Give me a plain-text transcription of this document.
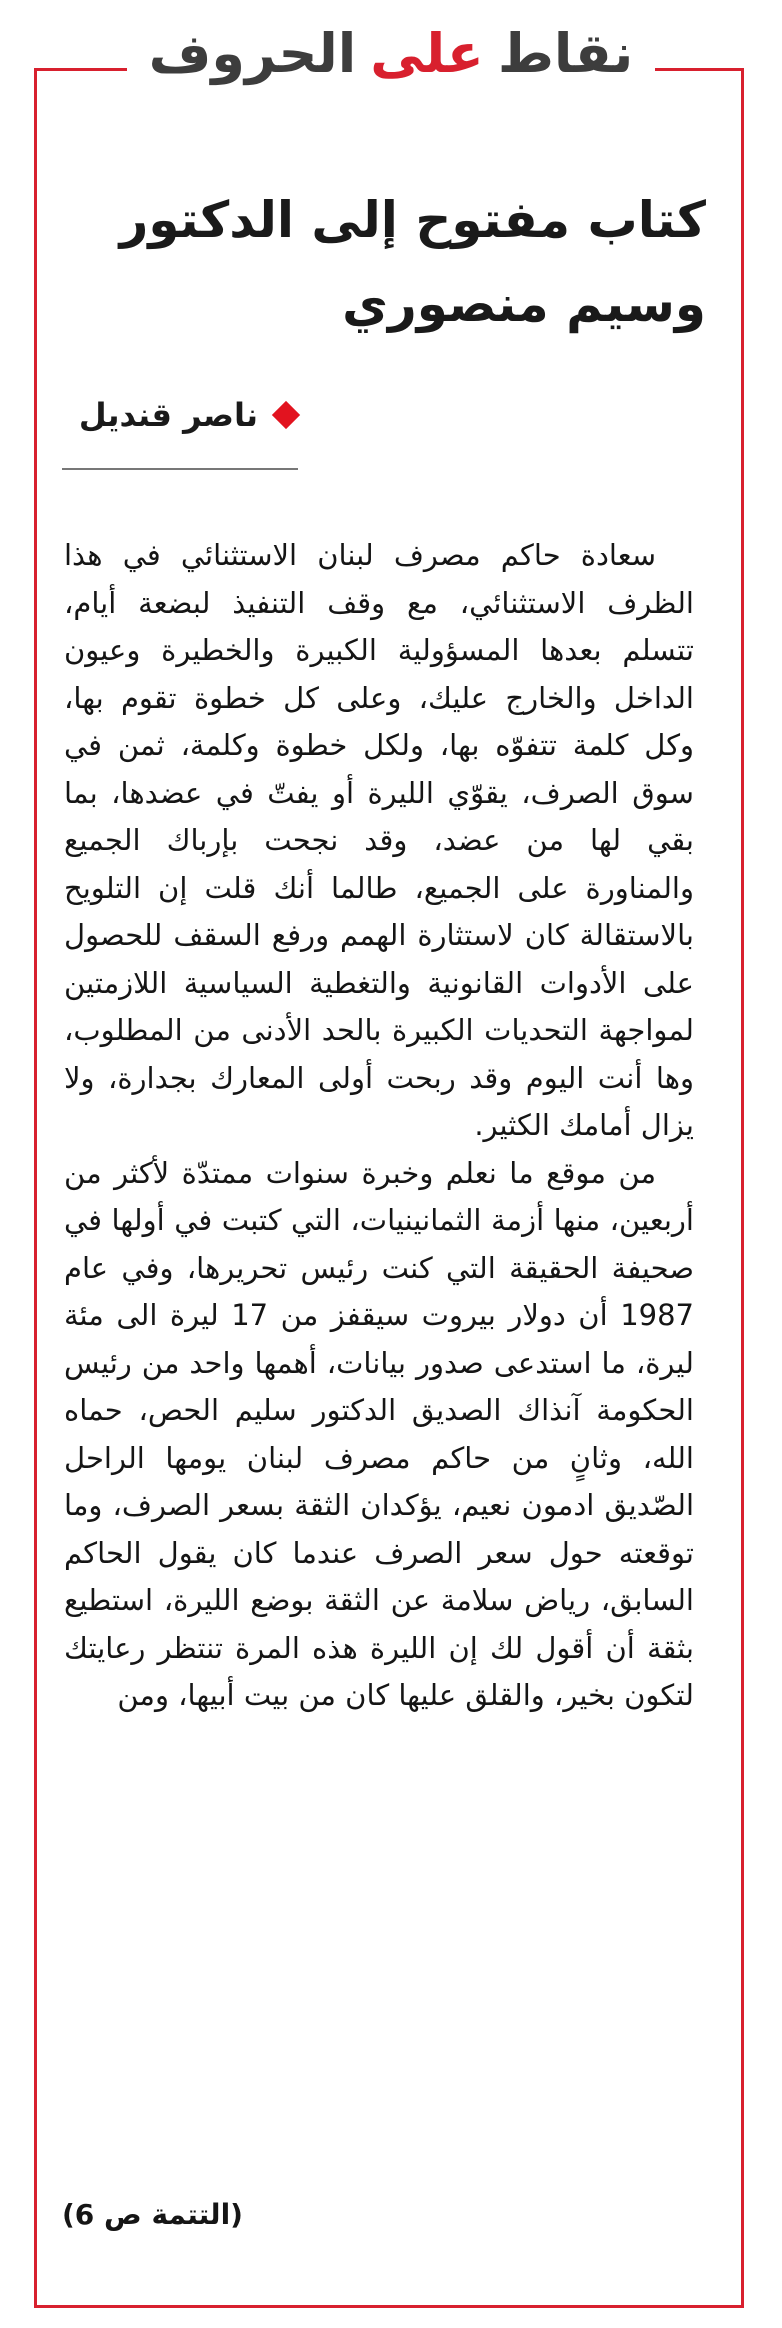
نقاط
على
الحروف
كتاب مفتوح إلى الدكتور وسيم منصوري
ناصر قنديل

سعادة حاكم مصرف لبنان الاستثنائي في هذا الظرف الاستثنائي، مع وقف التنفيذ لبضعة أيام، تتسلم بعدها المسؤولية الكبيرة والخطيرة وعيون الداخل والخارج عليك، وعلى كل خطوة تقوم بها، وكل كلمة تتفوّه بها، ولكل خطوة وكلمة، ثمن في سوق الصرف، يقوّي الليرة أو يفتّ في عضدها، بما بقي لها من عضد، وقد نجحت بإرباك الجميع والمناورة على الجميع، طالما أنك قلت إن التلويح بالاستقالة كان لاستثارة الهمم ورفع السقف للحصول على الأدوات القانونية والتغطية السياسية اللازمتين لمواجهة التحديات الكبيرة بالحد الأدنى من المطلوب، وها أنت اليوم وقد ربحت أولى المعارك بجدارة، ولا يزال أمامك الكثير.

من موقع ما نعلم وخبرة سنوات ممتدّة لأكثر من أربعين، منها أزمة الثمانينيات، التي كتبت في أولها في صحيفة الحقيقة التي كنت رئيس تحريرها، وفي عام 1987 أن دولار بيروت سيقفز من 17 ليرة الى مئة ليرة، ما استدعى صدور بيانات، أهمها واحد من رئيس الحكومة آنذاك الصديق الدكتور سليم الحص، حماه الله، وثانٍ من حاكم مصرف لبنان يومها الراحل الصّديق ادمون نعيم، يؤكدان الثقة بسعر الصرف، وما توقعته حول سعر الصرف عندما كان يقول الحاكم السابق، رياض سلامة عن الثقة بوضع الليرة، استطيع بثقة أن أقول لك إن الليرة هذه المرة تنتظر رعايتك لتكون بخير، والقلق عليها كان من بيت أبيها، ومن

(التتمة ص 6)
